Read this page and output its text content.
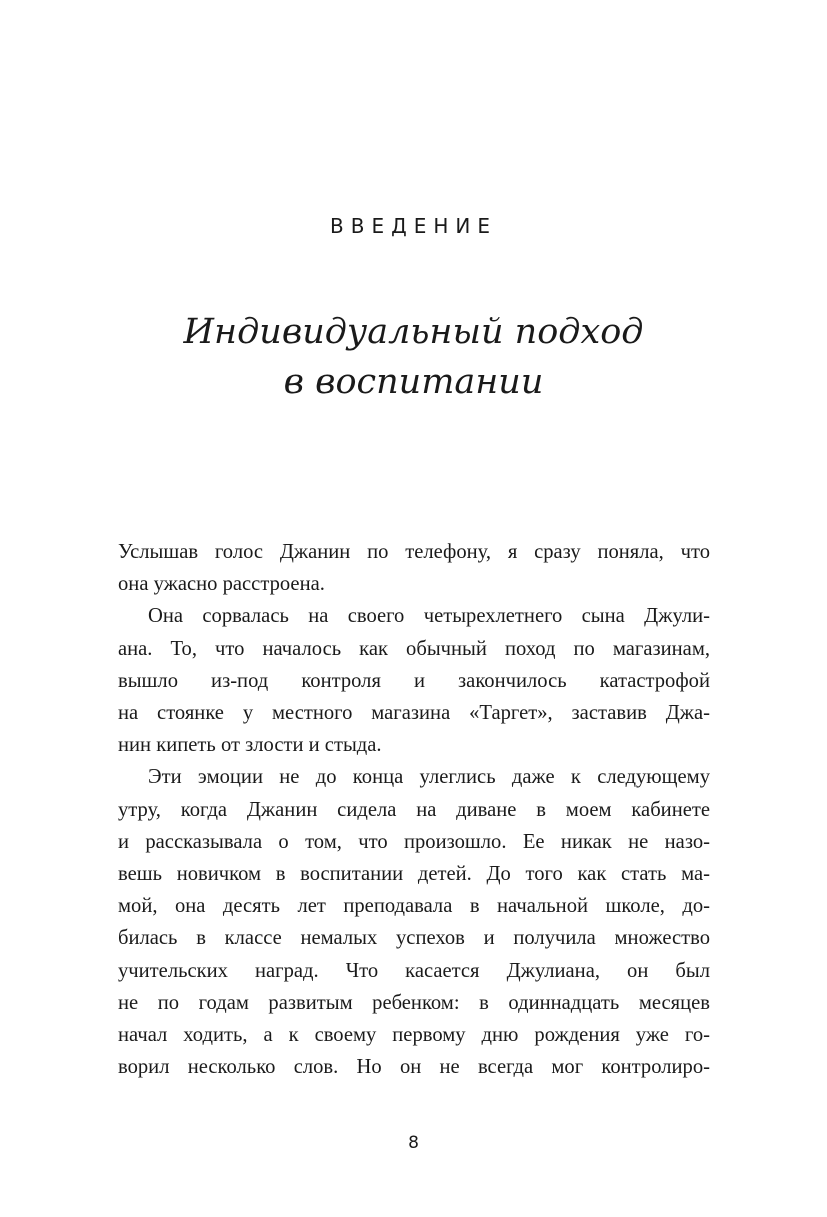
ВВЕДЕНИЕ
Индивидуальный подход
в воспитании

Услышав голос Джанин по телефону, я сразу поняла, что
она ужасно расстроена.

Она сорвалась на своего четырехлетнего сына Джули-
ана. То, что началось как обычный поход по магазинам,
вышло из-под контроля и закончилось катастрофой
на стоянке у местного магазина «Таргет», заставив Джа-
нин кипеть от злости и стыда.

Эти эмоции не до конца улеглись даже к следующему
утру, когда Джанин сидела на диване в моем кабинете
и рассказывала о том, что произошло. Ее никак не назо-
вешь новичком в воспитании детей. До того как стать ма-
мой, она десять лет преподавала в начальной школе, до-
билась в классе немалых успехов и получила множество
учительских наград. Что касается Джулиана, он был
не по годам развитым ребенком: в одиннадцать месяцев
начал ходить, а к своему первому дню рождения уже го-
ворил несколько слов. Но он не всегда мог контролиро-

8
